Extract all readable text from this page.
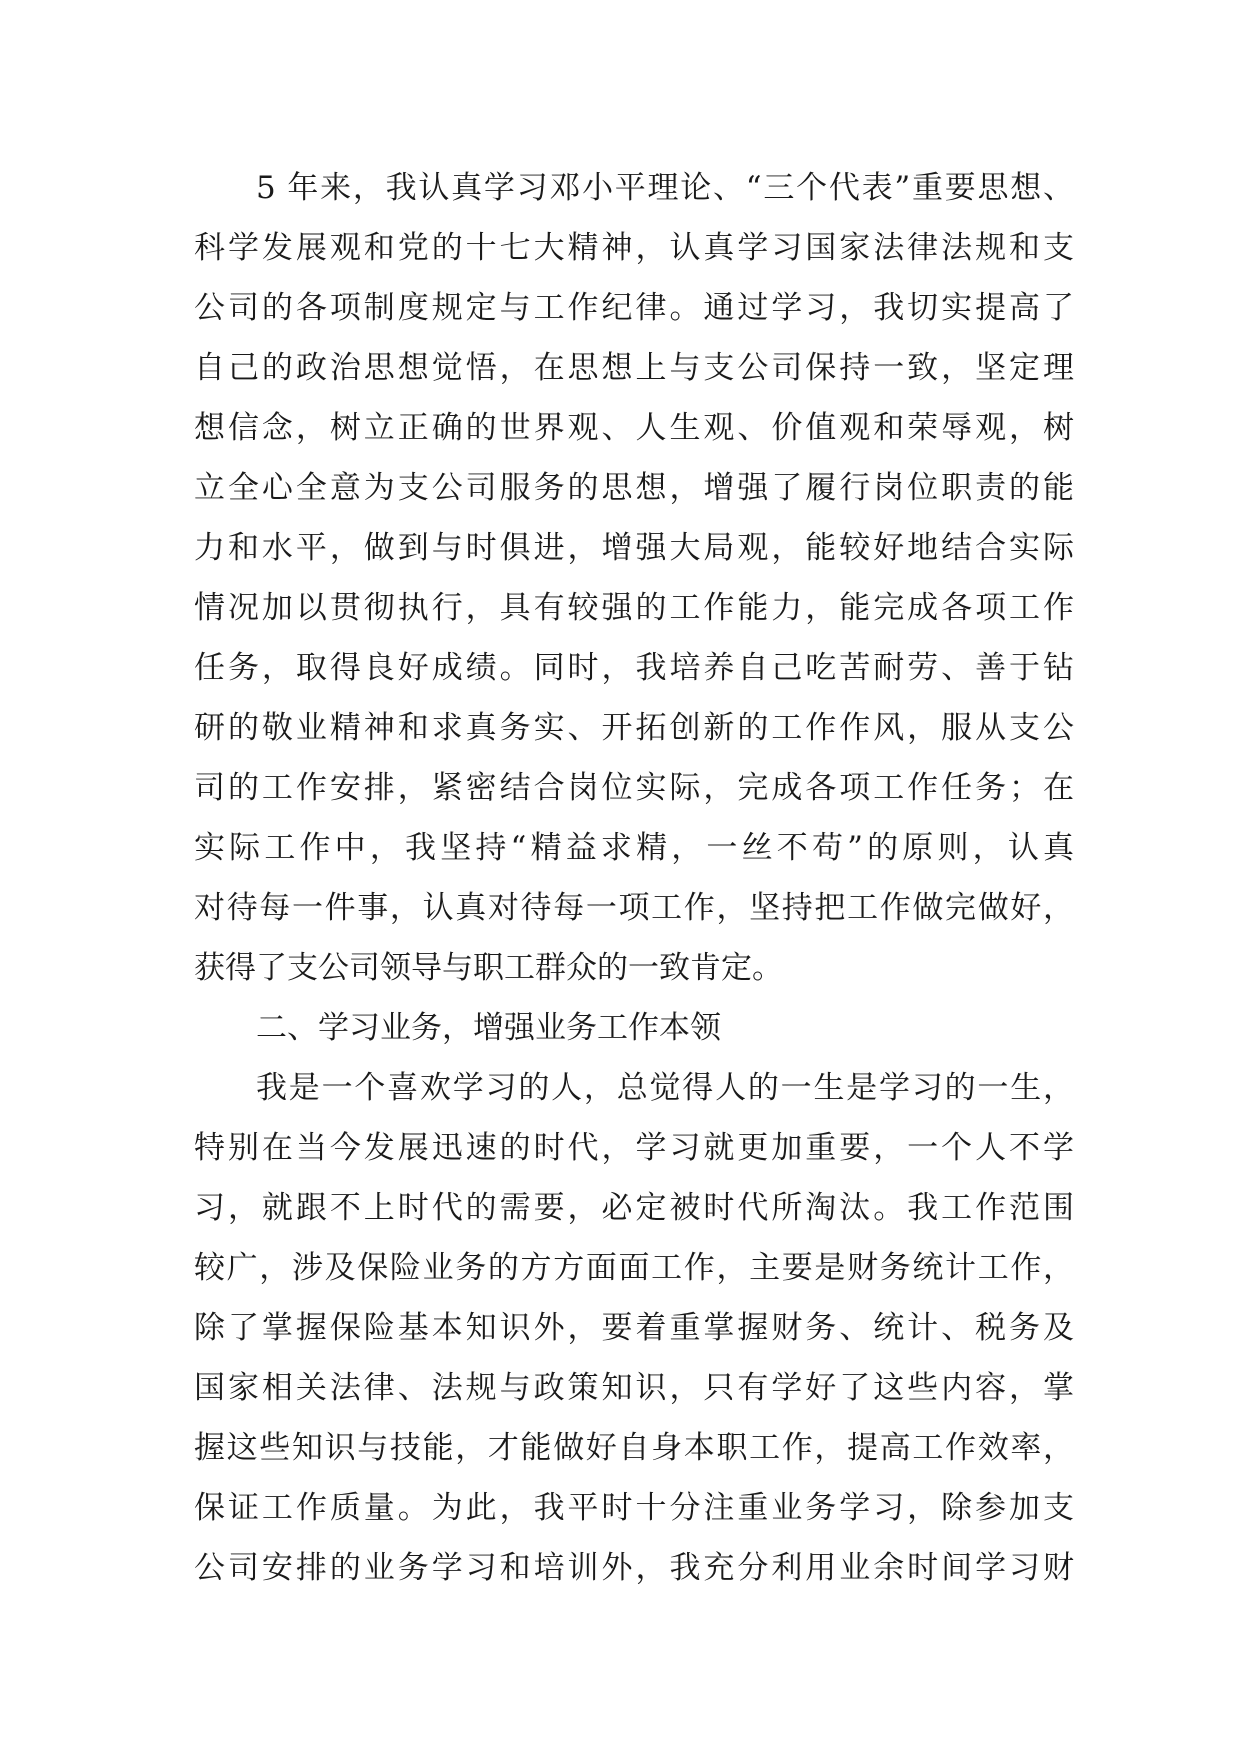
5 年来，我认真学习邓小平理论、“三个代表”重要思想、
科学发展观和党的十七大精神，认真学习国家法律法规和支
公司的各项制度规定与工作纪律。通过学习，我切实提高了
自己的政治思想觉悟，在思想上与支公司保持一致，坚定理
想信念，树立正确的世界观、人生观、价值观和荣辱观，树
立全心全意为支公司服务的思想，增强了履行岗位职责的能
力和水平，做到与时俱进，增强大局观，能较好地结合实际
情况加以贯彻执行，具有较强的工作能力，能完成各项工作
任务，取得良好成绩。同时，我培养自己吃苦耐劳、善于钻
研的敬业精神和求真务实、开拓创新的工作作风，服从支公
司的工作安排，紧密结合岗位实际，完成各项工作任务；在
实际工作中，我坚持“精益求精，一丝不苟”的原则，认真
对待每一件事，认真对待每一项工作，坚持把工作做完做好，
获得了支公司领导与职工群众的一致肯定。
二、学习业务，增强业务工作本领
我是一个喜欢学习的人，总觉得人的一生是学习的一生，
特别在当今发展迅速的时代，学习就更加重要，一个人不学
习，就跟不上时代的需要，必定被时代所淘汰。我工作范围
较广，涉及保险业务的方方面面工作，主要是财务统计工作，
除了掌握保险基本知识外，要着重掌握财务、统计、税务及
国家相关法律、法规与政策知识，只有学好了这些内容，掌
握这些知识与技能，才能做好自身本职工作，提高工作效率，
保证工作质量。为此，我平时十分注重业务学习，除参加支
公司安排的业务学习和培训外，我充分利用业余时间学习财
